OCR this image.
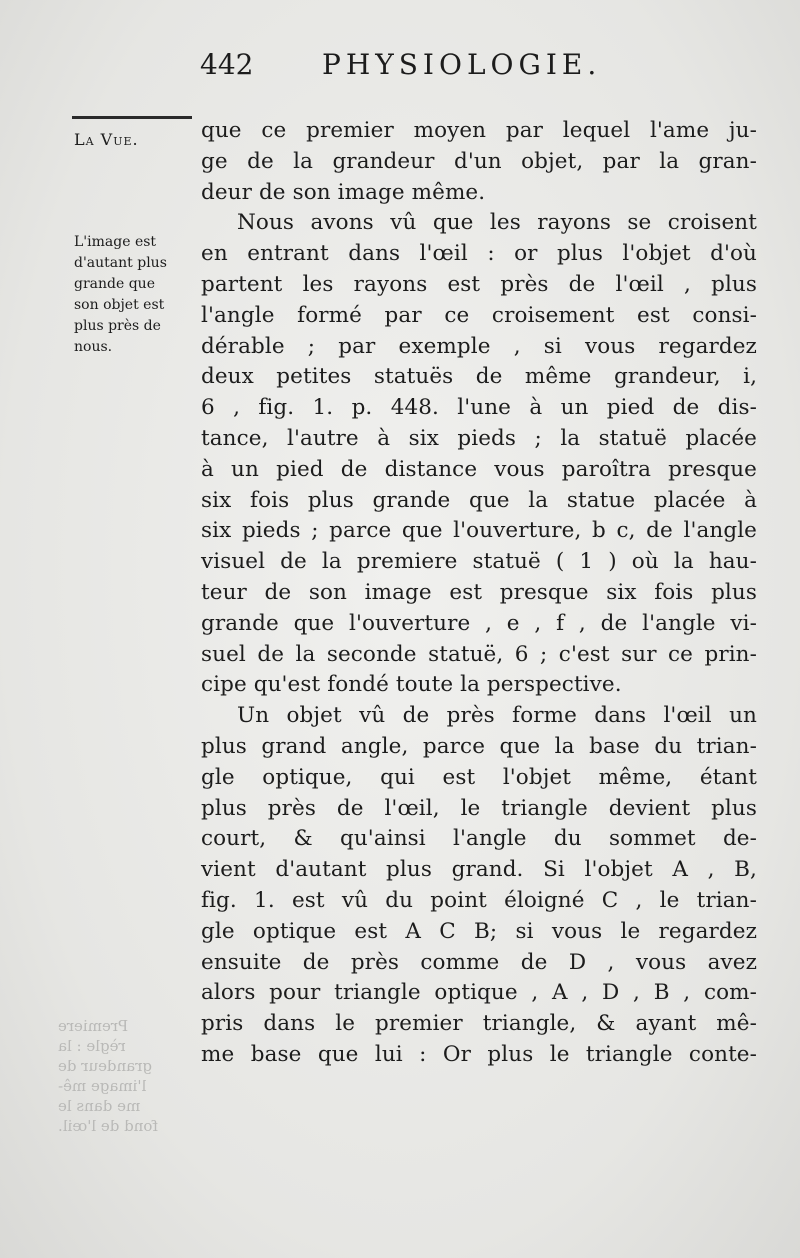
442 PHYSIOLOGIE.
La Vue.
L'image est
d'autant plus
grande que
son objet est
plus près de
nous.
Premiere
règle : la
grandeur de
l'image mê-
me dans le
fond de l'œil.
que ce premier moyen par lequel l'ame ju-
ge de la grandeur d'un objet, par la gran-
deur de son image même.
Nous avons vû que les rayons se croisent
en entrant dans l'œil : or plus l'objet d'où
partent les rayons est près de l'œil , plus
l'angle formé par ce croisement est consi-
dérable ; par exemple , si vous regardez
deux petites statuës de même grandeur, i,
6 , fig. 1. p. 448. l'une à un pied de dis-
tance, l'autre à six pieds ; la statuë placée
à un pied de distance vous paroîtra presque
six fois plus grande que la statue placée à
six pieds ; parce que l'ouverture, b c, de l'angle
visuel de la premiere statuë ( 1 ) où la hau-
teur de son image est presque six fois plus
grande que l'ouverture , e , f , de l'angle vi-
suel de la seconde statuë, 6 ; c'est sur ce prin-
cipe qu'est fondé toute la perspective.
Un objet vû de près forme dans l'œil un
plus grand angle, parce que la base du trian-
gle optique, qui est l'objet même, étant
plus près de l'œil, le triangle devient plus
court, & qu'ainsi l'angle du sommet de-
vient d'autant plus grand. Si l'objet A , B,
fig. 1. est vû du point éloigné C , le trian-
gle optique est A C B; si vous le regardez
ensuite de près comme de D , vous avez
alors pour triangle optique , A , D , B , com-
pris dans le premier triangle, & ayant mê-
me base que lui : Or plus le triangle conte-
